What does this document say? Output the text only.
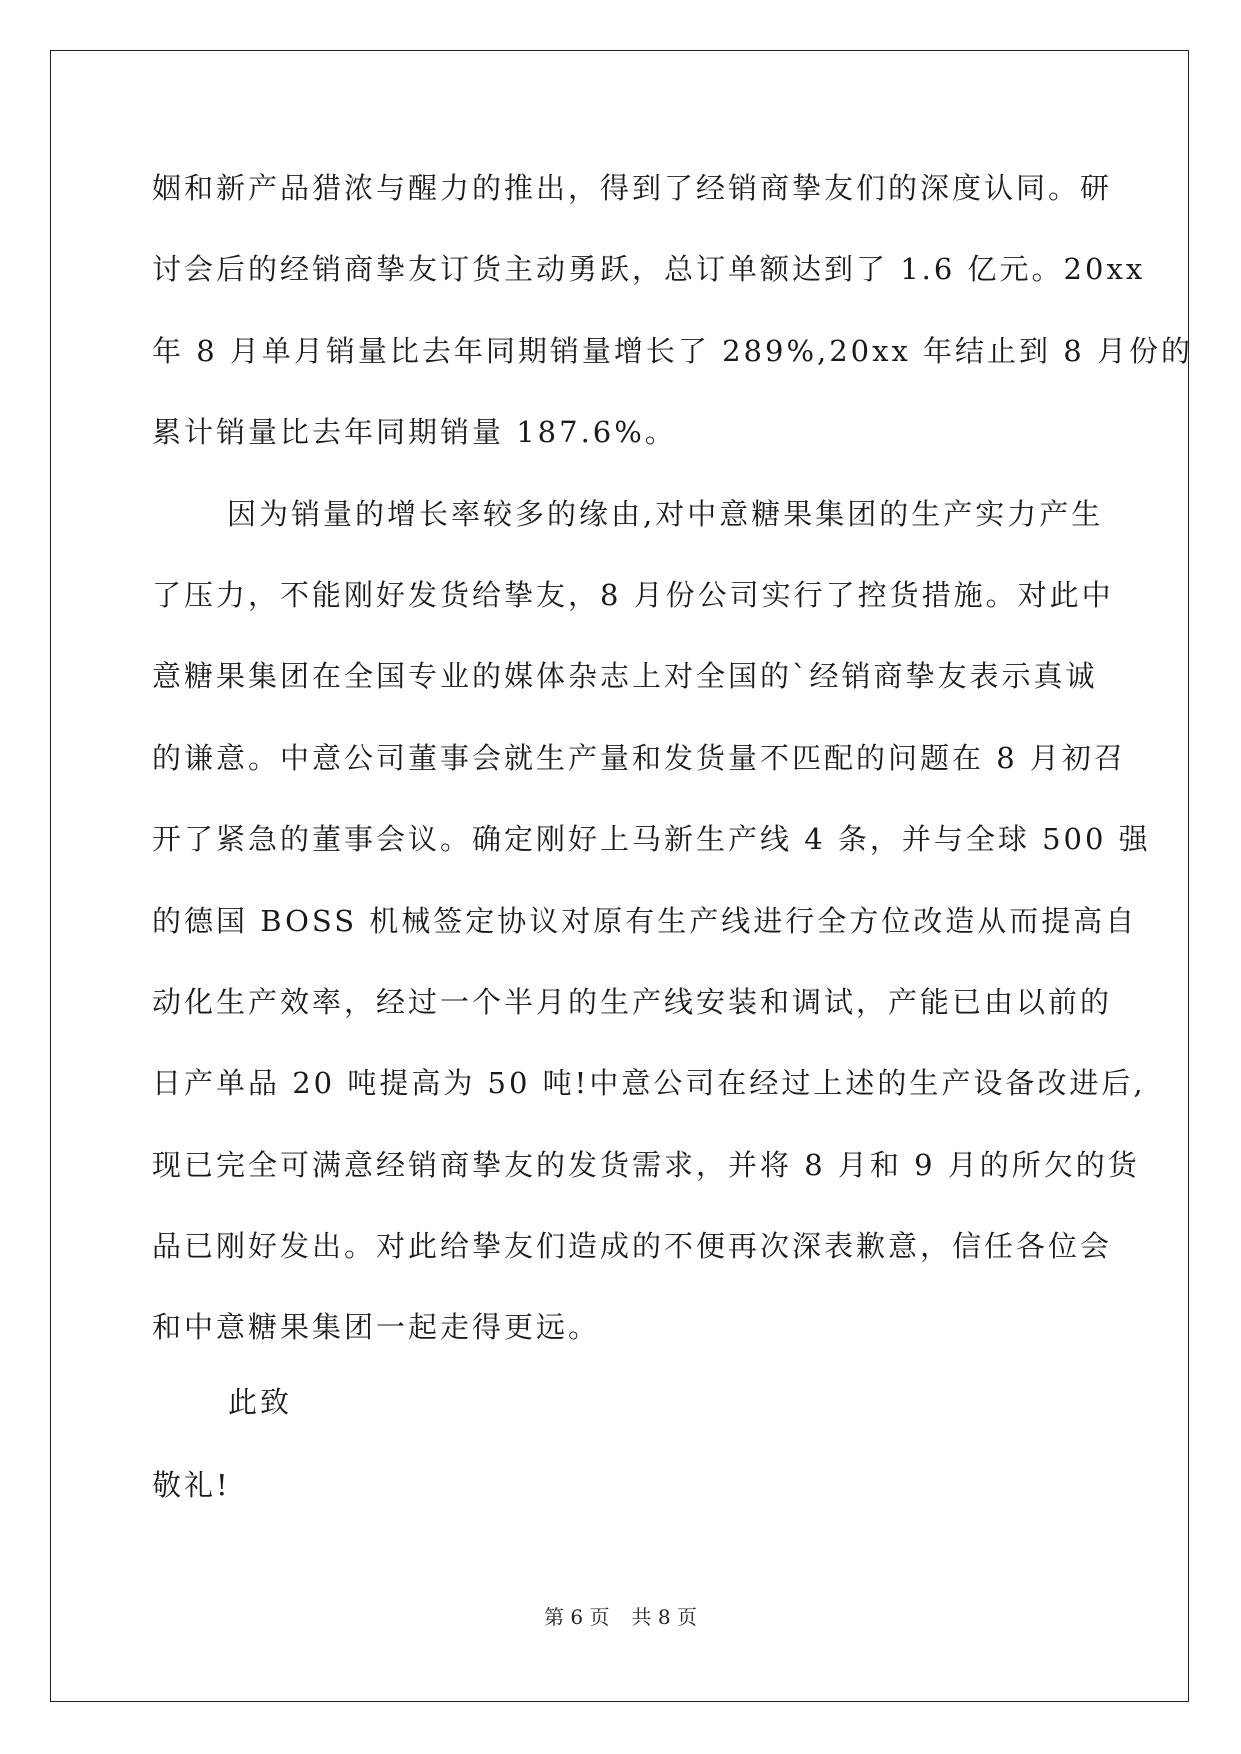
姻和新产品猎浓与醒力的推出，得到了经销商挚友们的深度认同。研
讨会后的经销商挚友订货主动勇跃，总订单额达到了 1.6 亿元。20xx
年 8 月单月销量比去年同期销量增长了 289%,20xx 年结止到 8 月份的
累计销量比去年同期销量 187.6%。
因为销量的增长率较多的缘由,对中意糖果集团的生产实力产生
了压力，不能刚好发货给挚友，8 月份公司实行了控货措施。对此中
意糖果集团在全国专业的媒体杂志上对全国的`经销商挚友表示真诚
的谦意。中意公司董事会就生产量和发货量不匹配的问题在 8 月初召
开了紧急的董事会议。确定刚好上马新生产线 4 条，并与全球 500 强
的德国 BOSS 机械签定协议对原有生产线进行全方位改造从而提高自
动化生产效率，经过一个半月的生产线安装和调试，产能已由以前的
日产单品 20 吨提高为 50 吨!中意公司在经过上述的生产设备改进后,
现已完全可满意经销商挚友的发货需求，并将 8 月和 9 月的所欠的货
品已刚好发出。对此给挚友们造成的不便再次深表歉意，信任各位会
和中意糖果集团一起走得更远。
此致
敬礼!
第 6 页 共 8 页
